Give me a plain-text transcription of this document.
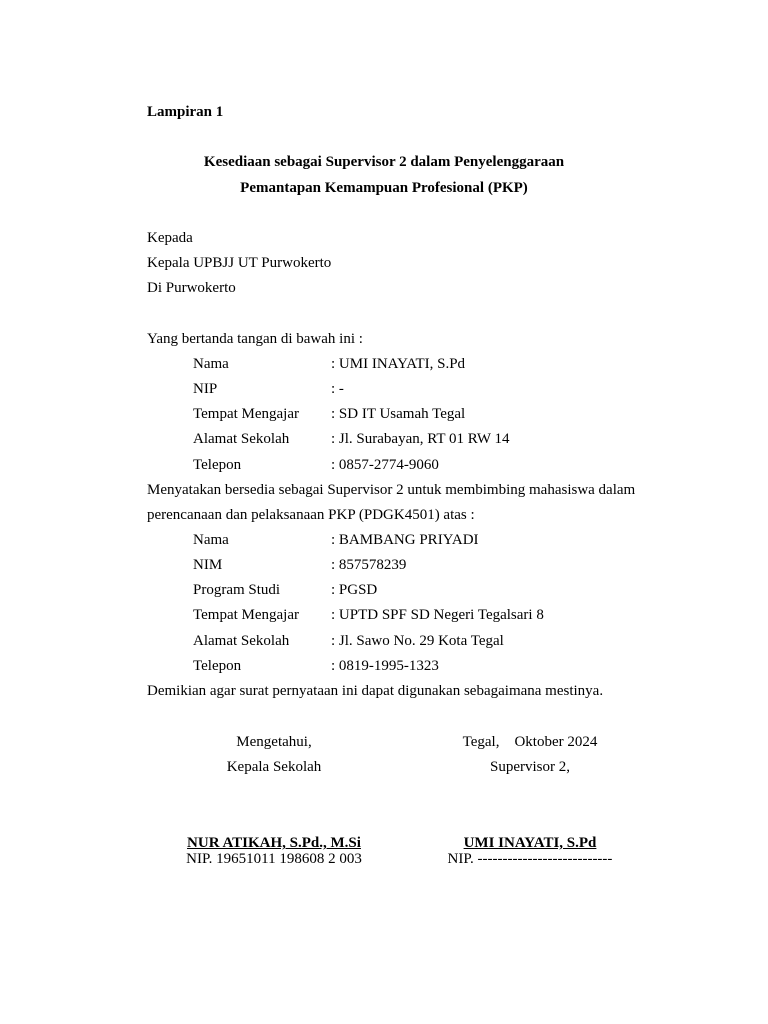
Lampiran 1
Kesediaan sebagai Supervisor 2 dalam Penyelenggaraan
Pemantapan Kemampuan Profesional (PKP)
Kepada
Kepala UPBJJ UT Purwokerto
Di Purwokerto
Yang bertanda tangan di bawah ini :
Nama	: UMI INAYATI, S.Pd
NIP	: -
Tempat Mengajar : SD IT Usamah Tegal
Alamat Sekolah	: Jl. Surabayan, RT 01 RW 14
Telepon	: 0857-2774-9060
Menyatakan bersedia sebagai Supervisor 2 untuk membimbing mahasiswa dalam
perencanaan dan pelaksanaan PKP (PDGK4501) atas :
Nama	: BAMBANG PRIYADI
NIM	: 857578239
Program Studi	: PGSD
Tempat Mengajar : UPTD SPF SD Negeri Tegalsari 8
Alamat Sekolah	: Jl. Sawo No. 29 Kota Tegal
Telepon	: 0819-1995-1323
Demikian agar surat pernyataan ini dapat digunakan sebagaimana mestinya.
Mengetahui,
Kepala Sekolah
NUR ATIKAH, S.Pd., M.Si
NIP. 19651011 198608 2 003
Tegal,    Oktober 2024
Supervisor 2,
UMI INAYATI, S.Pd
NIP. ---------------------------
